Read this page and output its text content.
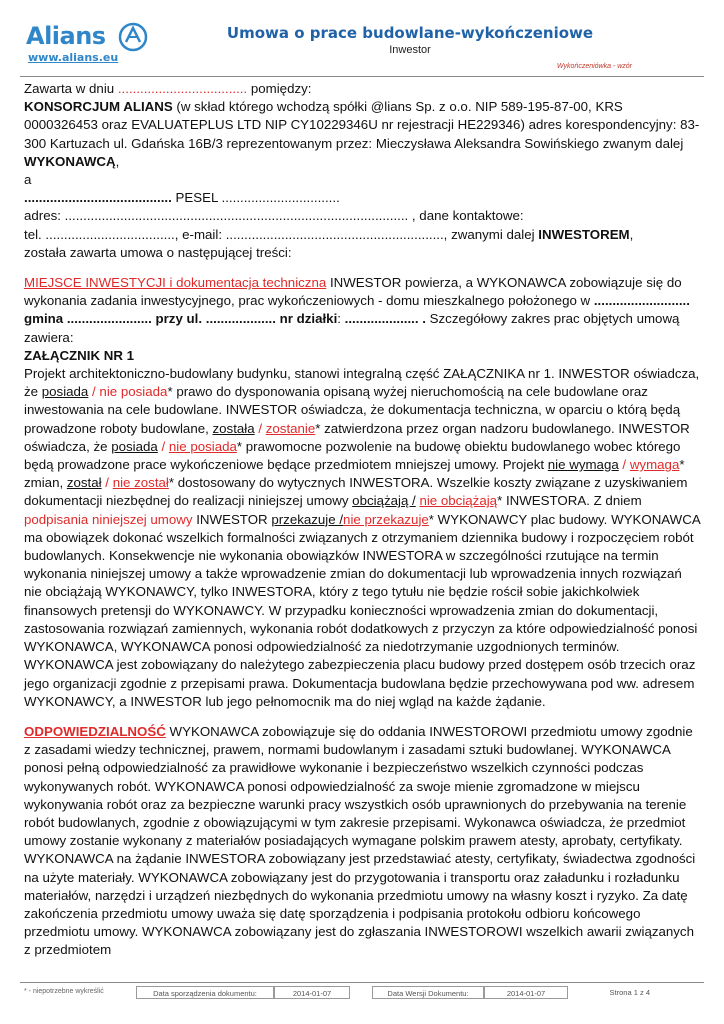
Alians
www.alians.eu
Umowa o prace budowlane-wykończeniowe
Inwestor
Wykończeniówka - wzór

Zawarta w dniu ................................... pomiędzy:
KONSORCJUM ALIANS (w skład którego wchodzą spółki @lians Sp. z o.o. NIP 589-195-87-00, KRS 0000326453 oraz EVALUATEPLUS LTD NIP CY10229346U nr rejestracji HE229346) adres korespondencyjny: 83-300 Kartuzach ul. Gdańska 16B/3 reprezentowanym przez: Mieczysława Aleksandra Sowińskiego zwanym dalej WYKONAWCĄ,
a
........................................ PESEL ................................
adres: ............................................................................................. , dane kontaktowe:
tel. ..................................., e-mail: ..........................................................., zwanymi dalej INWESTOREM,
została zawarta umowa o następującej treści:

MIEJSCE INWESTYCJI i dokumentacja techniczna INWESTOR powierza, a WYKONAWCA zobowiązuje się do wykonania zadania inwestycyjnego, prac wykończeniowych - domu mieszkalnego położonego w .......................... gmina ....................... przy ul. ................... nr działki: .................... . Szczegółowy zakres prac objętych umową zawiera:
ZAŁĄCZNIK NR 1
Projekt architektoniczno-budowlany budynku, stanowi integralną część ZAŁĄCZNIKA nr 1. INWESTOR oświadcza, że posiada / nie posiada* prawo do dysponowania opisaną wyżej nieruchomością na cele budowlane oraz inwestowania na cele budowlane. INWESTOR oświadcza, że dokumentacja techniczna, w oparciu o którą będą prowadzone roboty budowlane, została / zostanie* zatwierdzona przez organ nadzoru budowlanego. INWESTOR oświadcza, że posiada / nie posiada* prawomocne pozwolenie na budowę obiektu budowlanego wobec którego będą prowadzone prace wykończeniowe będące przedmiotem mniejszej umowy. Projekt nie wymaga / wymaga* zmian, został / nie został* dostosowany do wytycznych INWESTORA. Wszelkie koszty związane z uzyskiwaniem dokumentacji niezbędnej do realizacji niniejszej umowy obciążają / nie obciążają* INWESTORA. Z dniem podpisania niniejszej umowy INWESTOR przekazuje /nie przekazuje* WYKONAWCY plac budowy. WYKONAWCA ma obowiązek dokonać wszelkich formalności związanych z otrzymaniem dziennika budowy i rozpoczęciem robót budowlanych. Konsekwencje nie wykonania obowiązków INWESTORA w szczególności rzutujące na termin wykonania niniejszej umowy a także wprowadzenie zmian do dokumentacji lub wprowadzenia innych rozwiązań nie obciążają WYKONAWCY, tylko INWESTORA, który z tego tytułu nie będzie rościł sobie jakichkolwiek finansowych pretensji do WYKONAWCY. W przypadku konieczności wprowadzenia zmian do dokumentacji, zastosowania rozwiązań zamiennych, wykonania robót dodatkowych z przyczyn za które odpowiedzialność ponosi WYKONAWCA, WYKONAWCA ponosi odpowiedzialność za niedotrzymanie uzgodnionych terminów. WYKONAWCA jest zobowiązany do należytego zabezpieczenia placu budowy przed dostępem osób trzecich oraz jego organizacji zgodnie z przepisami prawa. Dokumentacja budowlana będzie przechowywana pod ww. adresem WYKONAWCY, a INWESTOR lub jego pełnomocnik ma do niej wgląd na każde żądanie.

ODPOWIEDZIALNOŚĆ WYKONAWCA zobowiązuje się do oddania INWESTOROWI przedmiotu umowy zgodnie z zasadami wiedzy technicznej, prawem, normami budowlanym i zasadami sztuki budowlanej. WYKONAWCA ponosi pełną odpowiedzialność za prawidłowe wykonanie i bezpieczeństwo wszelkich czynności podczas wykonywanych robót. WYKONAWCA ponosi odpowiedzialność za swoje mienie zgromadzone w miejscu wykonywania robót oraz za bezpieczne warunki pracy wszystkich osób uprawnionych do przebywania na terenie robót budowlanych, zgodnie z obowiązującymi w tym zakresie przepisami. Wykonawca oświadcza, że przedmiot umowy zostanie wykonany z materiałów posiadających wymagane polskim prawem atesty, aprobaty, certyfikaty. WYKONAWCA na żądanie INWESTORA zobowiązany jest przedstawiać atesty, certyfikaty, świadectwa zgodności na użyte materiały. WYKONAWCA zobowiązany jest do przygotowania i transportu oraz załadunku i rozładunku materiałów, narzędzi i urządzeń niezbędnych do wykonania przedmiotu umowy na własny koszt i ryzyko. Za datę zakończenia przedmiotu umowy uważa się datę sporządzenia i podpisania protokołu odbioru końcowego przedmiotu umowy. WYKONAWCA zobowiązany jest do zgłaszania INWESTOROWI wszelkich awarii związanych z przedmiotem

* - niepotrzebne wykreślić	Data sporządzenia dokumentu:	2014-01-07	Data Wersji Dokumentu:	2014-01-07	Strona 1 z 4
